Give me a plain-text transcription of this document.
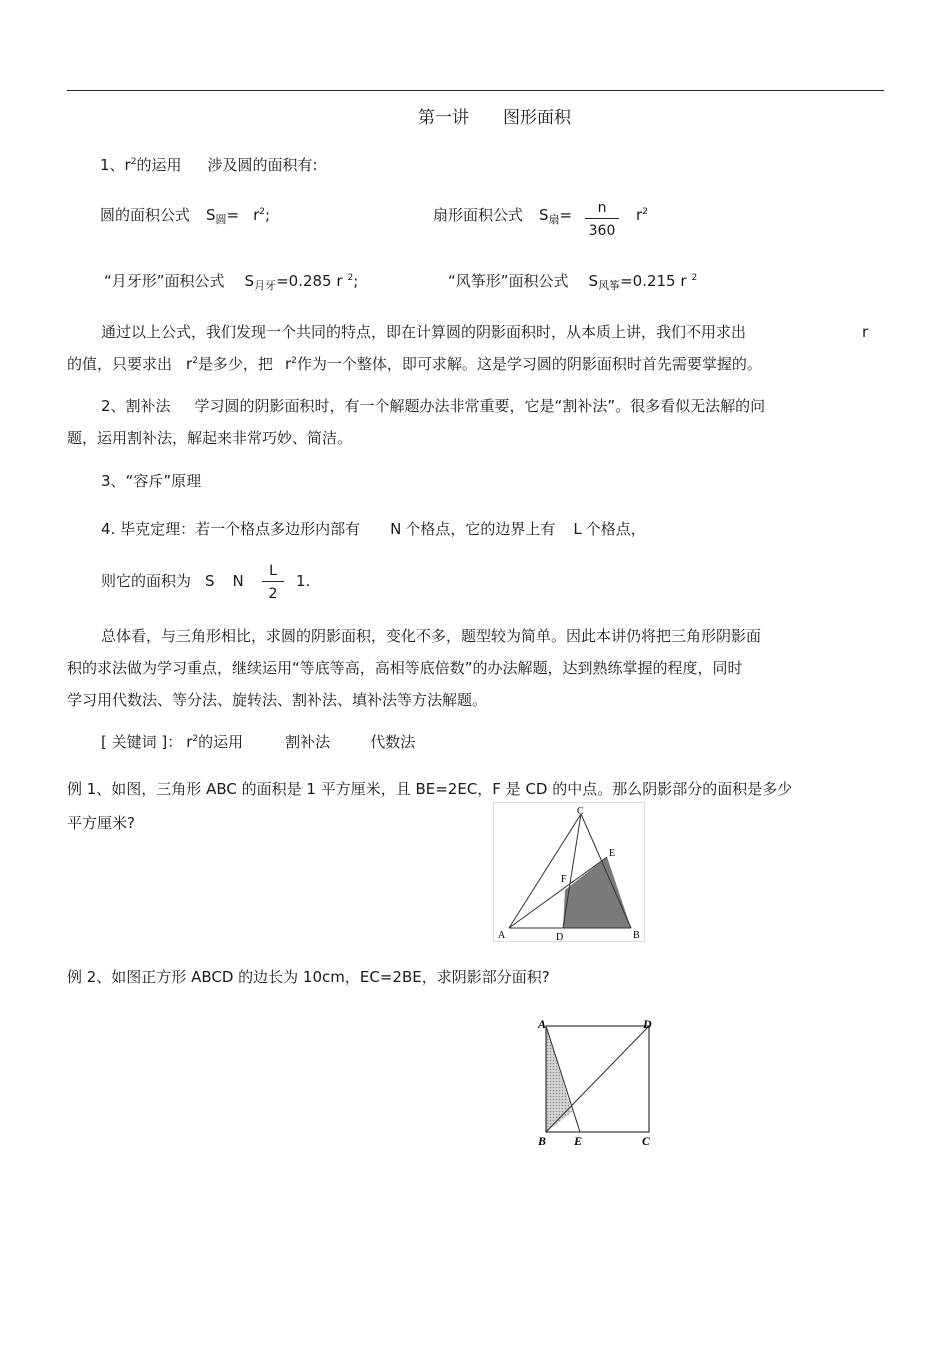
第一讲 图形面积
1、$r^2$的运用 涉及圆的面积有:
圆的面积公式 $S_圆= r^2$;	扇形面积公式 $S_扇= \frac{n}{360} r^2$
“月牙形”面积公式 $S_{月牙}=0.285$ r $^2$;	“风筝形”面积公式 $S_{风筝}=0.215$ r $^2$
通过以上公式，我们发现一个共同的特点，即在计算圆的阴影面积时，从本质上讲，我们不用求出	r
的值，只要求出 $r^2$是多少，把 $r^2$作为一个整体，即可求解。这是学习圆的阴影面积时首先需要掌握的。
2、割补法 学习圆的阴影面积时，有一个解题办法非常重要，它是“割补法”。很多看似无法解的问
题，运用割补法，解起来非常巧妙、简洁。
3、“容斥”原理
4. 毕克定理：若一个格点多边形内部有 N 个格点，它的边界上有 L 个格点，
则它的面积为 S N $\frac{L}{2} 1$.
总体看，与三角形相比，求圆的阴影面积，变化不多，题型较为简单。因此本讲仍将把三角形阴影面
积的求法做为学习重点，继续运用“等底等高，高相等底倍数”的办法解题，达到熟练掌握的程度，同时
学习用代数法、等分法、旋转法、割补法、填补法等方法解题。
[ 关键词 ]： $r^2$的运用	割补法	代数法
例 1、如图，三角形 ABC 的面积是 1 平方厘米，且 BE=2EC，F 是 CD 的中点。那么阴影部分的面积是多少
平方厘米?
A	B
C
D
E
F
例 2、如图正方形 ABCD 的边长为 10cm，EC=2BE，求阴影部分面积?
A	D
B E	C
